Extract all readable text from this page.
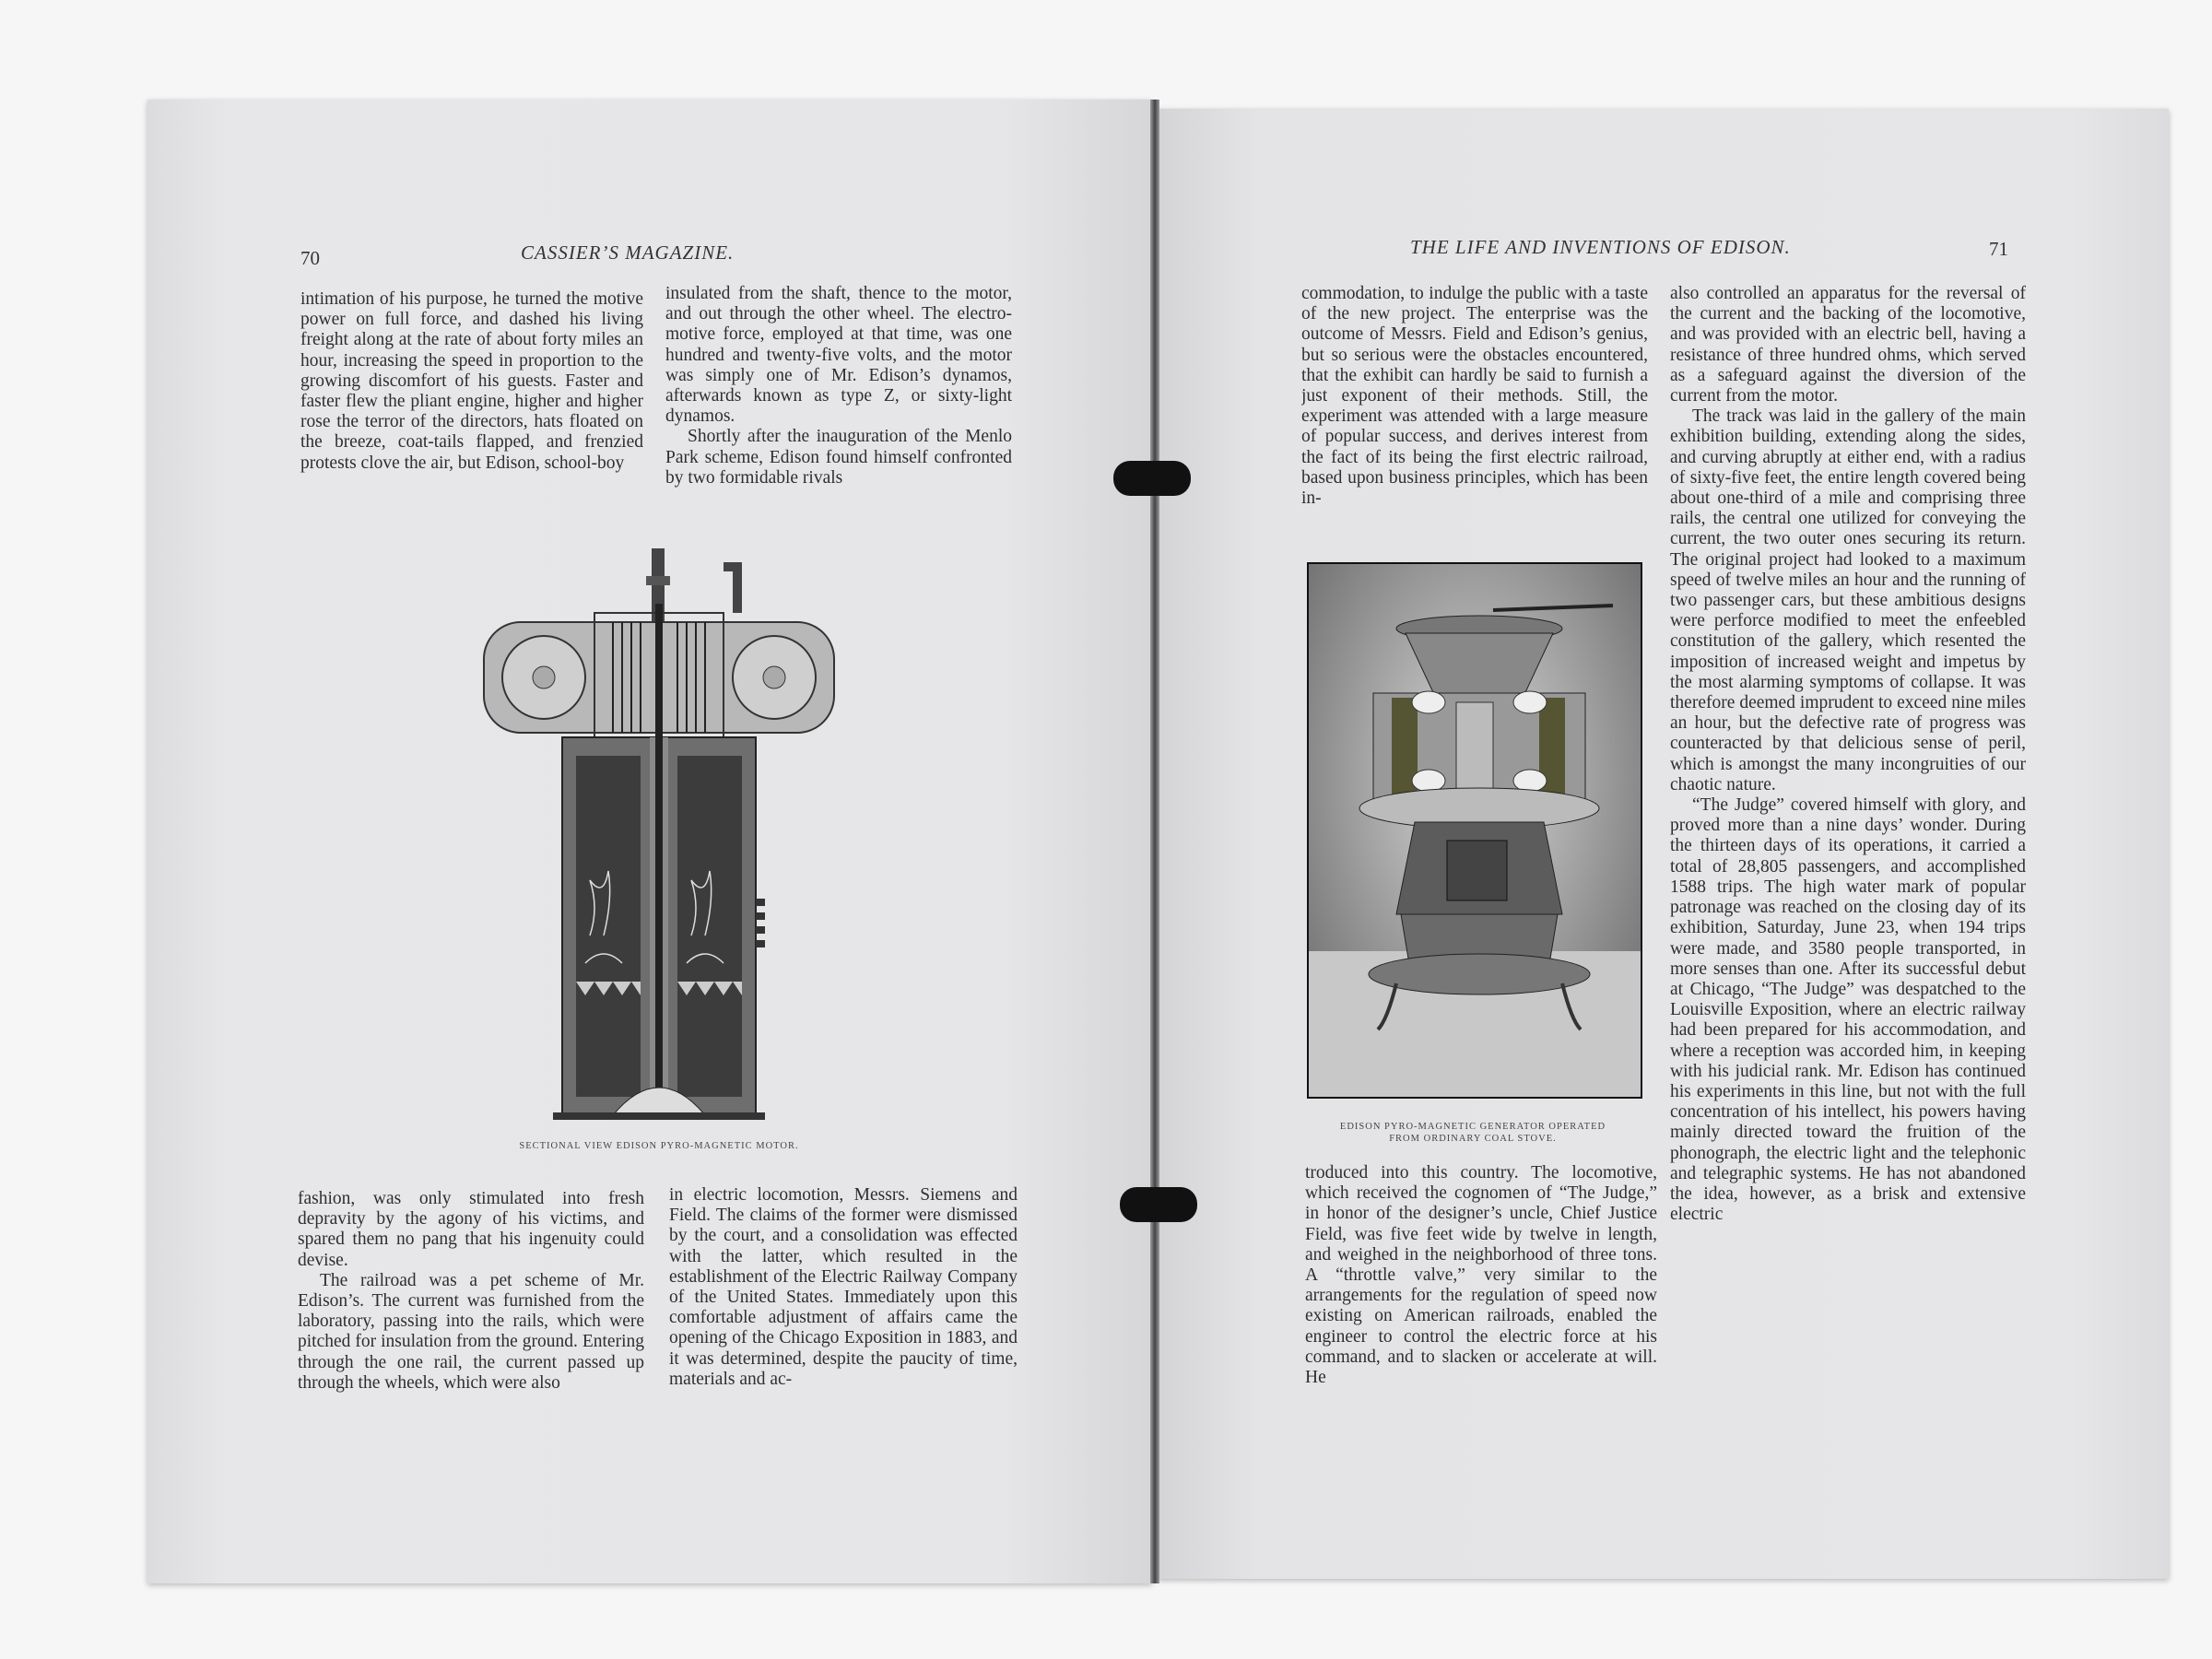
70	CASSIER’S MAGAZINE.

intimation of his purpose, he turned the motive power on full force, and dashed his living freight along at the rate of about forty miles an hour, increasing the speed in proportion to the growing discomfort of his guests. Faster and faster flew the pliant engine, higher and higher rose the terror of the directors, hats floated on the breeze, coat-tails flapped, and frenzied protests clove the air, but Edison, school-boy

insulated from the shaft, thence to the motor, and out through the other wheel. The electro-motive force, employed at that time, was one hundred and twenty-five volts, and the motor was simply one of Mr. Edison’s dynamos, afterwards known as type Z, or sixty-light dynamos.

Shortly after the inauguration of the Menlo Park scheme, Edison found himself confronted by two formidable rivals

SECTIONAL VIEW EDISON PYRO-MAGNETIC MOTOR.

fashion, was only stimulated into fresh depravity by the agony of his victims, and spared them no pang that his ingenuity could devise.

The railroad was a pet scheme of Mr. Edison’s. The current was furnished from the laboratory, passing into the rails, which were pitched for insulation from the ground. Entering through the one rail, the current passed up through the wheels, which were also

in electric locomotion, Messrs. Siemens and Field. The claims of the former were dismissed by the court, and a consolidation was effected with the latter, which resulted in the establishment of the Electric Railway Company of the United States. Immediately upon this comfortable adjustment of affairs came the opening of the Chicago Exposition in 1883, and it was determined, despite the paucity of time, materials and ac-

THE LIFE AND INVENTIONS OF EDISON.	71

commodation, to indulge the public with a taste of the new project. The enterprise was the outcome of Messrs. Field and Edison’s genius, but so serious were the obstacles encountered, that the exhibit can hardly be said to furnish a just exponent of their methods. Still, the experiment was attended with a large measure of popular success, and derives interest from the fact of its being the first electric railroad, based upon business principles, which has been in-

EDISON PYRO-MAGNETIC GENERATOR OPERATED
FROM ORDINARY COAL STOVE.

troduced into this country. The locomotive, which received the cognomen of “The Judge,” in honor of the designer’s uncle, Chief Justice Field, was five feet wide by twelve in length, and weighed in the neighborhood of three tons. A “throttle valve,” very similar to the arrangements for the regulation of speed now existing on American railroads, enabled the engineer to control the electric force at his command, and to slacken or accelerate at will. He

also controlled an apparatus for the reversal of the current and the backing of the locomotive, and was provided with an electric bell, having a resistance of three hundred ohms, which served as a safeguard against the diversion of the current from the motor.

The track was laid in the gallery of the main exhibition building, extending along the sides, and curving abruptly at either end, with a radius of sixty-five feet, the entire length covered being about one-third of a mile and comprising three rails, the central one utilized for conveying the current, the two outer ones securing its return. The original project had looked to a maximum speed of twelve miles an hour and the running of two passenger cars, but these ambitious designs were perforce modified to meet the enfeebled constitution of the gallery, which resented the imposition of increased weight and impetus by the most alarming symptoms of collapse. It was therefore deemed imprudent to exceed nine miles an hour, but the defective rate of progress was counteracted by that delicious sense of peril, which is amongst the many incongruities of our chaotic nature.

“The Judge” covered himself with glory, and proved more than a nine days’ wonder. During the thirteen days of its operations, it carried a total of 28,805 passengers, and accomplished 1588 trips. The high water mark of popular patronage was reached on the closing day of its exhibition, Saturday, June 23, when 194 trips were made, and 3580 people transported, in more senses than one. After its successful debut at Chicago, “The Judge” was despatched to the Louisville Exposition, where an electric railway had been prepared for his accommodation, and where a reception was accorded him, in keeping with his judicial rank. Mr. Edison has continued his experiments in this line, but not with the full concentration of his intellect, his powers having mainly directed toward the fruition of the phonograph, the electric light and the telephonic and telegraphic systems. He has not abandoned the idea, however, as a brisk and extensive electric
